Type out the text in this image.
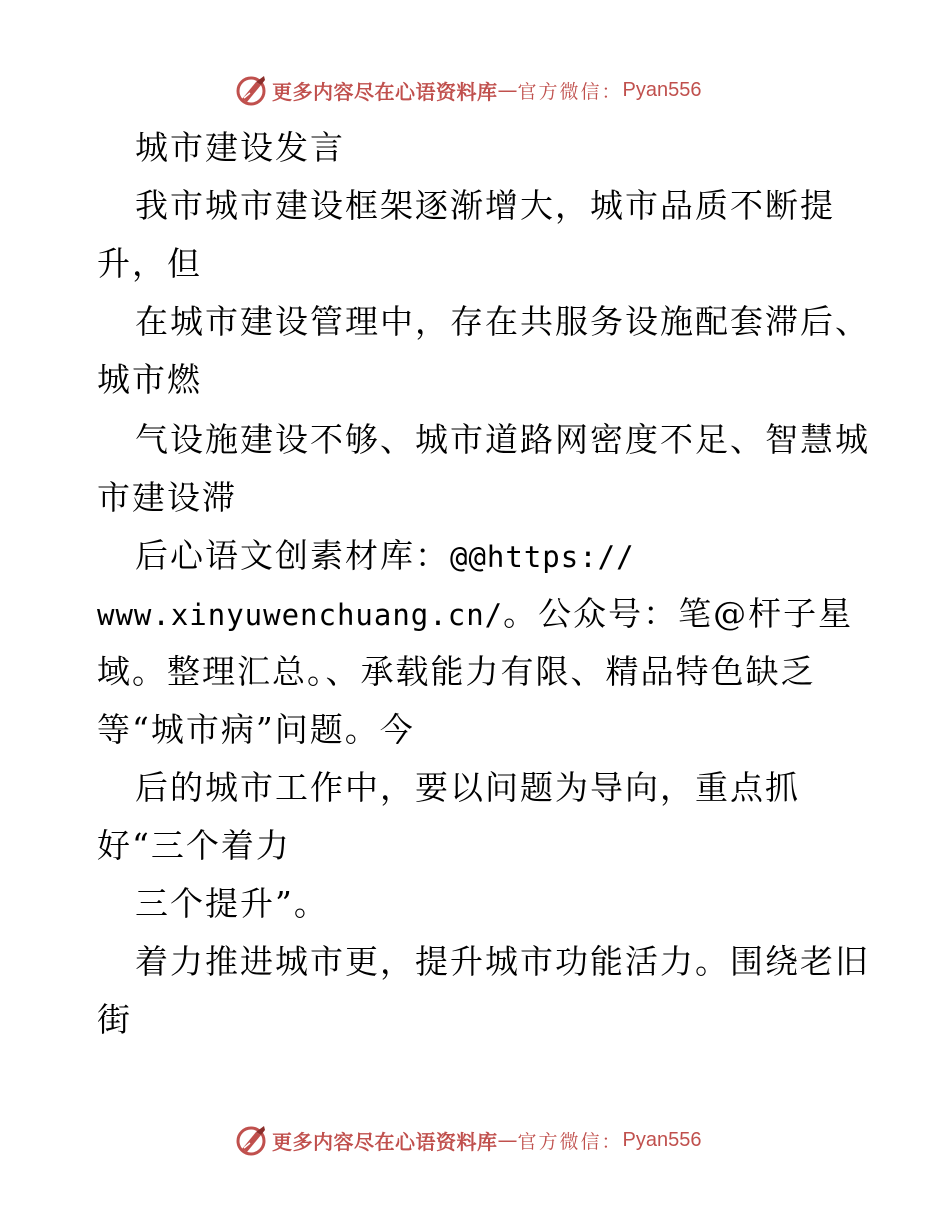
更多内容尽在心语资料库 — 官方微信： Pyan556
城市建设发言
我市城市建设框架逐渐增大，城市品质不断提
升，但
在城市建设管理中，存在共服务设施配套滞后、
城市燃
气设施建设不够、城市道路网密度不足、智慧城
市建设滞
后心语文创素材库：@@https://
www.xinyuwenchuang.cn/。公众号：笔@杆子星
域。整理汇总。、承载能力有限、精品特色缺乏
等“城市病”问题。今
后的城市工作中，要以问题为导向，重点抓
好“三个着力
三个提升”。
着力推进城市更，提升城市功能活力。围绕老旧
街
更多内容尽在心语资料库 — 官方微信： Pyan556
